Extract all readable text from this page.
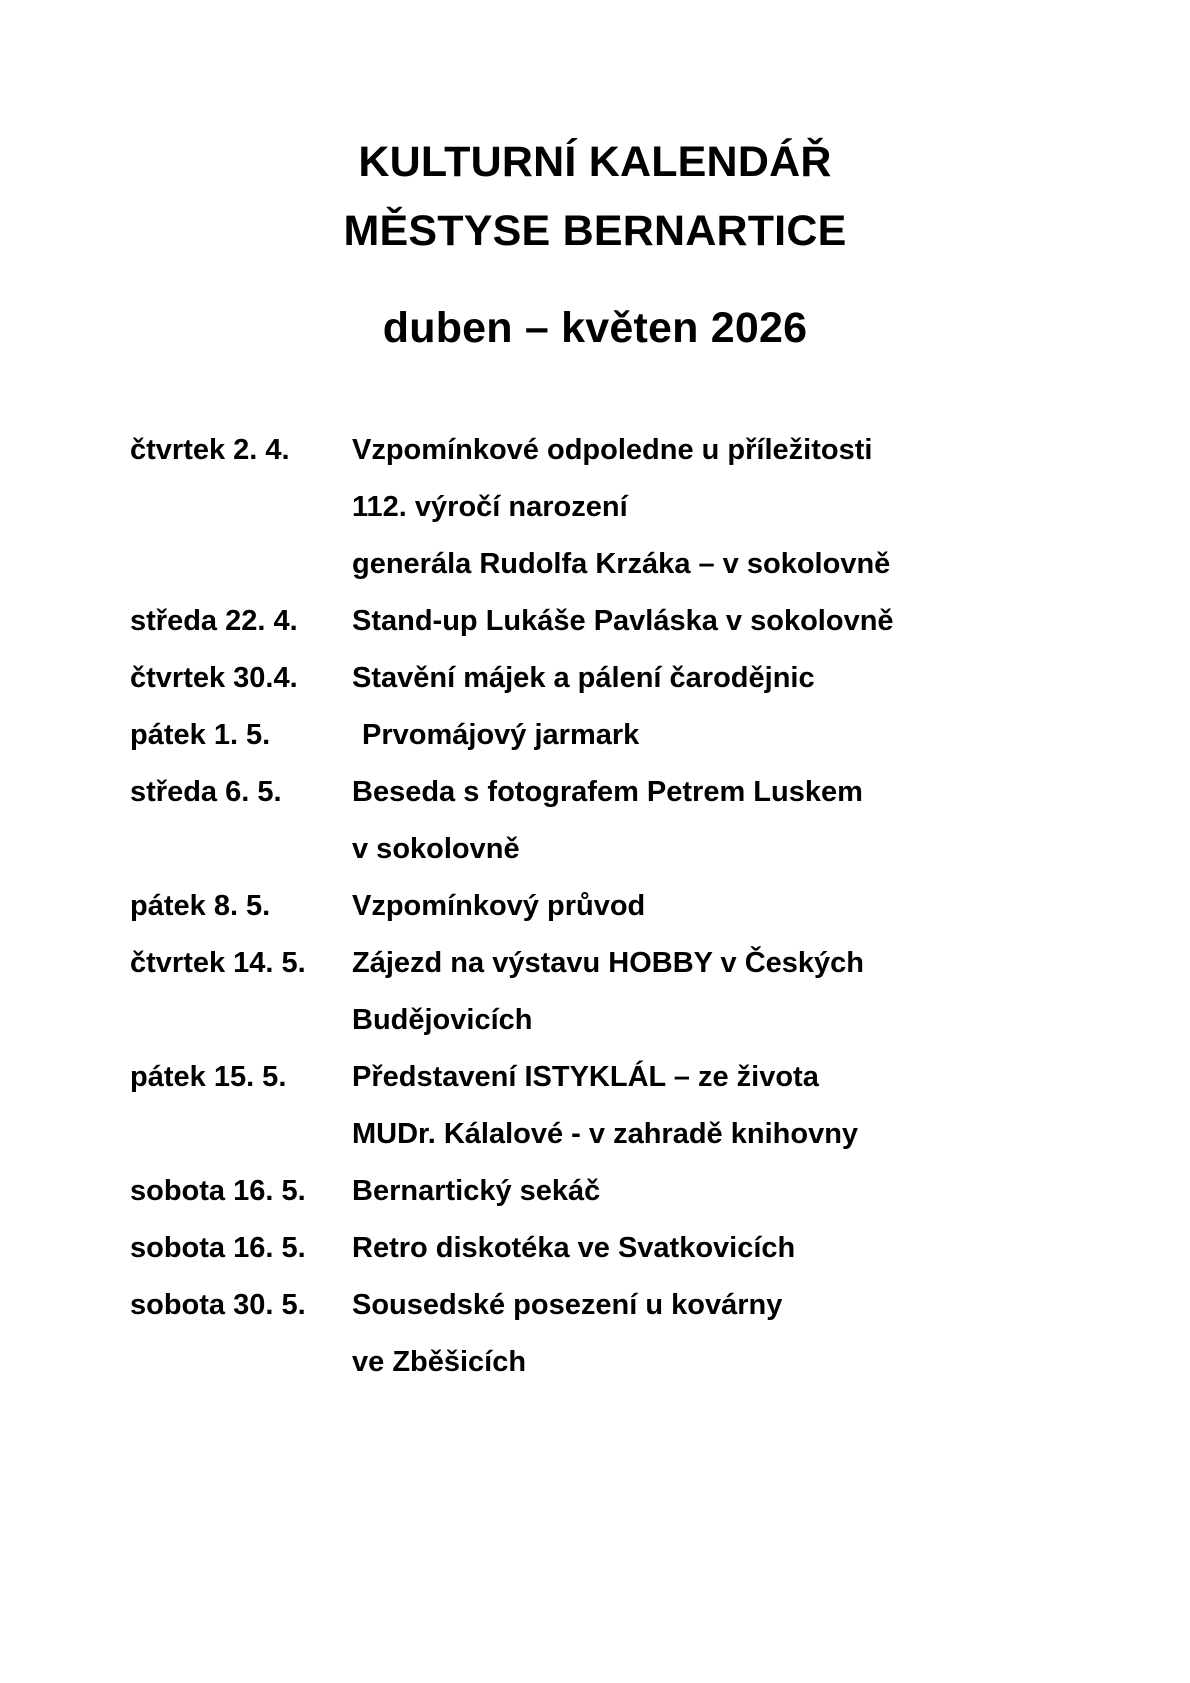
KULTURNÍ KALENDÁŘ
MĚSTYSE BERNARTICE
duben – květen 2026
čtvrtek 2. 4.	Vzpomínkové odpoledne u příležitosti
112. výročí narození
generála Rudolfa Krzáka – v sokolovně
středa 22. 4.	Stand-up Lukáše Pavláska v sokolovně
čtvrtek 30.4.	Stavění májek a pálení čarodějnic
pátek 1. 5.	Prvomájový jarmark
středa 6. 5.	Beseda s fotografem Petrem Luskem
v sokolovně
pátek 8. 5.	Vzpomínkový průvod
čtvrtek 14. 5.	Zájezd na výstavu HOBBY v Českých
Budějovicích
pátek 15. 5.	Představení ISTYKLÁL – ze života
MUDr. Kálalové - v zahradě knihovny
sobota 16. 5.	Bernartický sekáč
sobota 16. 5.	Retro diskotéka ve Svatkovicích
sobota 30. 5.	Sousedské posezení u kovárny
ve Zběšicích
